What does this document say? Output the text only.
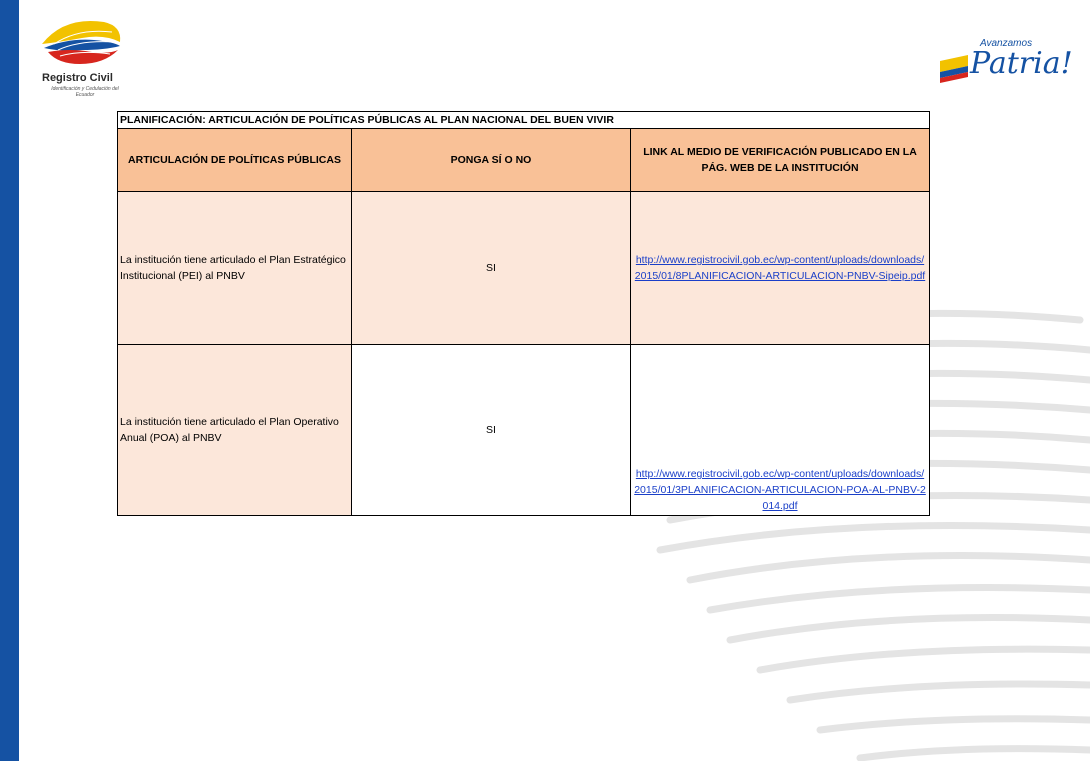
Registro Civil
Identificación y Cedulación del Ecuador
Avanzamos
Patria!
PLANIFICACIÓN: ARTICULACIÓN DE POLÍTICAS PÚBLICAS AL PLAN NACIONAL DEL BUEN VIVIR		
ARTICULACIÓN DE POLÍTICAS PÚBLICAS	PONGA SÍ O NO	LINK AL MEDIO DE VERIFICACIÓN PUBLICADO EN LA PÁG. WEB DE LA INSTITUCIÓN
La institución tiene articulado el Plan Estratégico Institucional (PEI) al PNBV	SI	http://www.registrocivil.gob.ec/wp-content/uploads/downloads/2015/01/8PLANIFICACION-ARTICULACION-PNBV-Sipeip.pdf
La institución tiene articulado el Plan Operativo Anual (POA) al PNBV	SI	http://www.registrocivil.gob.ec/wp-content/uploads/downloads/2015/01/3PLANIFICACION-ARTICULACION-POA-AL-PNBV-2014.pdf
